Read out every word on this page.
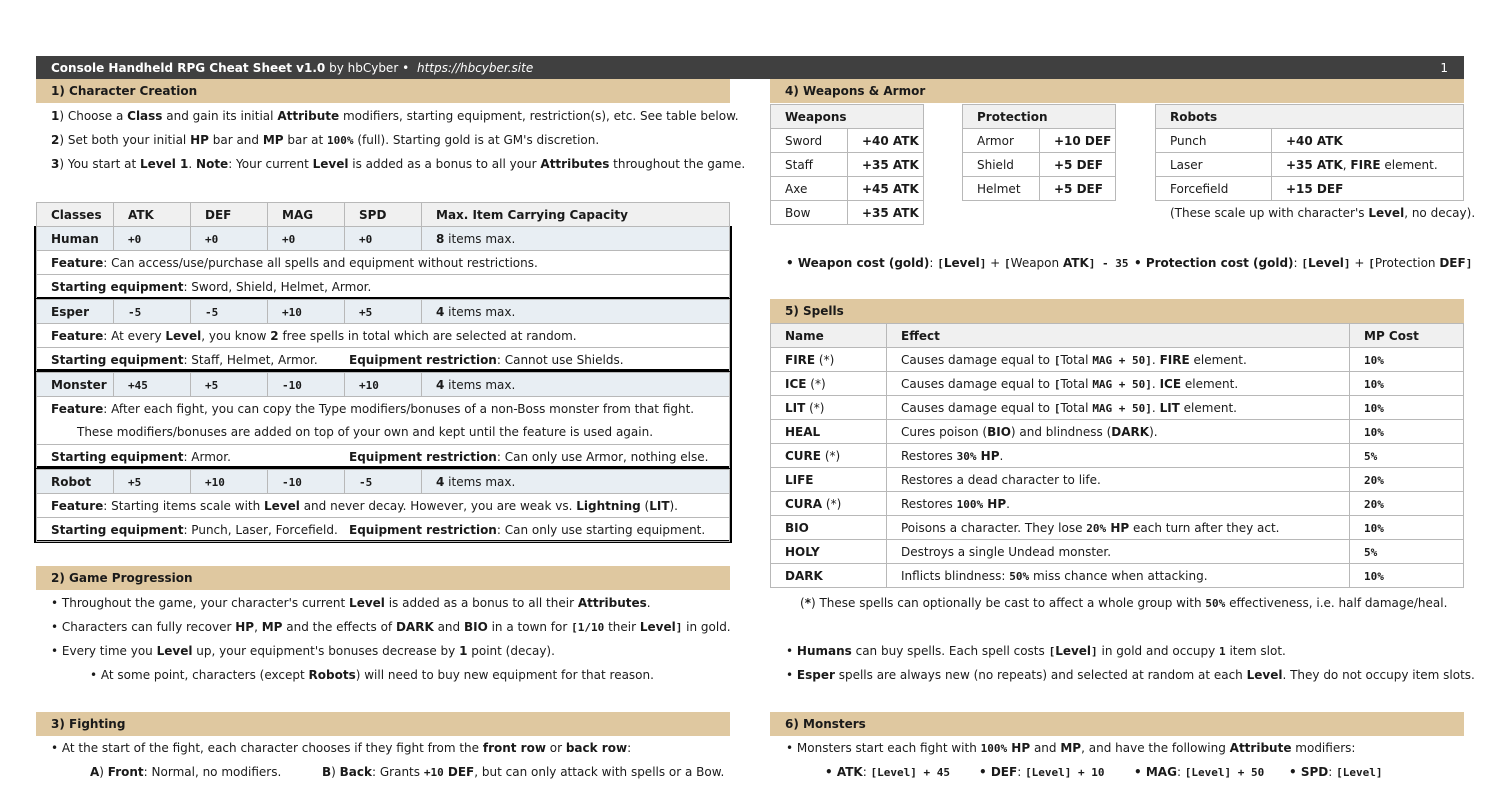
Console Handheld RPG Cheat Sheet v1.0 by hbCyber • https://hbcyber.site	1
1) Character Creation
1 ) Choose a Class and gain its initial Attribute modifiers, starting equipment, restriction(s), etc. See table below.
2 ) Set both your initial HP bar and MP bar at 100% (full). Starting gold is at GM's discretion.
3 ) You start at Level 1 . Note : Your current Level is added as a bonus to all your Attributes throughout the game.
Classes	ATK	DEF	MAG	SPD	Max. Item Carrying Capacity
Human	+0	+0	+0	+0	8 items max.
Feature: Can access/use/purchase all spells and equipment without restrictions.
Starting equipment: Sword, Shield, Helmet, Armor.
Esper	-5	-5	+10	+5	4 items max.
Feature: At every Level, you know 2 free spells in total which are selected at random.
Starting equipment: Staff, Helmet, Armor.	Equipment restriction: Cannot use Shields.
Monster	+45	+5	-10	+10	4 items max.
Feature: After each fight, you can copy the Type modifiers/bonuses of a non-Boss monster from that fight.
These modifiers/bonuses are added on top of your own and kept until the feature is used again.
Starting equipment: Armor.	Equipment restriction: Can only use Armor, nothing else.
Robot	+5	+10	-10	-5	4 items max.
Feature: Starting items scale with Level and never decay. However, you are weak vs. Lightning (LIT).
Starting equipment: Punch, Laser, Forcefield. Equipment restriction: Can only use starting equipment.
2) Game Progression
• Throughout the game, your character's current Level is added as a bonus to all their Attributes .
• Characters can fully recover HP , MP and the effects of DARK and BIO in a town for [1/10 their Level ] in gold.
• Every time you Level up, your equipment's bonuses decrease by 1 point (decay).
• At some point, characters (except Robots ) will need to buy new equipment for that reason.
3) Fighting
• At the start of the fight, each character chooses if they fight from the front row or back row :
A ) Front : Normal, no modifiers.	B ) Back : Grants +10 DEF , but can only attack with spells or a Bow.
4) Weapons & Armor
Weapons	
Sword	+40 ATK
Staff	+35 ATK
Axe	+45 ATK
Bow	+35 ATK
Protection	
Armor	+10 DEF
Shield	+5 DEF
Helmet	+5 DEF
Robots	
Punch	+40 ATK
Laser	+35 ATK, FIRE element.
Forcefield	+15 DEF
(These scale up with character's Level , no decay).
• Weapon cost (gold) : [ Level ] + [ Weapon ATK ] - 35 • Protection cost (gold) : [ Level ] + [ Protection DEF ]
5) Spells
Name	Effect	MP Cost
FIRE (*)	Causes damage equal to [Total MAG + 50]. FIRE element.	10%
ICE (*)	Causes damage equal to [Total MAG + 50]. ICE element.	10%
LIT (*)	Causes damage equal to [Total MAG + 50]. LIT element.	10%
HEAL	Cures poison (BIO) and blindness (DARK).	10%
CURE (*)	Restores 30% HP.	5%
LIFE	Restores a dead character to life.	20%
CURA (*)	Restores 100% HP.	20%
BIO	Poisons a character. They lose 20% HP each turn after they act.	10%
HOLY	Destroys a single Undead monster.	5%
DARK	Inflicts blindness: 50% miss chance when attacking.	10%
( * ) These spells can optionally be cast to affect a whole group with 50% effectiveness, i.e. half damage/heal.
• Humans can buy spells. Each spell costs [ Level ] in gold and occupy 1 item slot.
• Esper spells are always new (no repeats) and selected at random at each Level . They do not occupy item slots.
6) Monsters
• Monsters start each fight with 100% HP and MP , and have the following Attribute modifiers:
• ATK : [Level] + 45 • DEF : [Level] + 10 • MAG : [Level] + 50 • SPD : [Level]
